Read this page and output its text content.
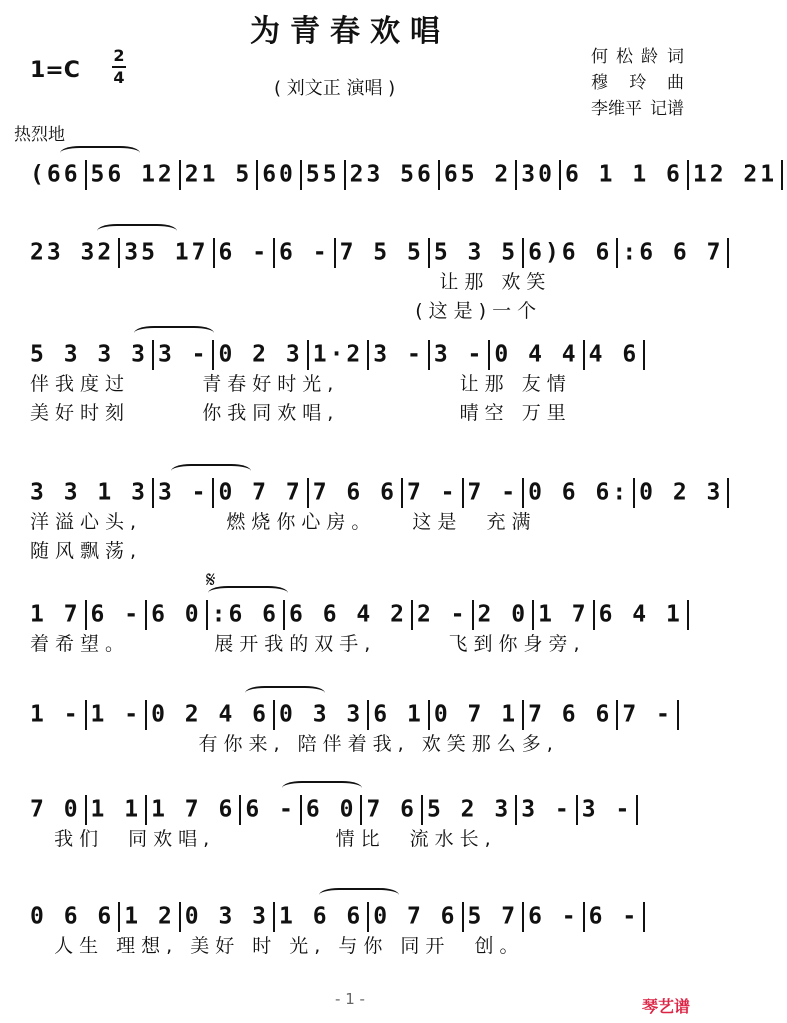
为青春欢唱
1=C
2
4
( 刘文正 演唱 )
何松龄 词
穆 玲 曲
李维平 记谱
热烈地
𝄋
(66 56 12 21 5 60 55 23 56 65 2 30 6 1 1 6 12 21
23 32 35 17 6 - 6 - 7 5 5 5 3 5 6)6 6 :6 6 7
让那 欢笑
(这是)一个
5 3 3 3 3 - 0 2 3 1·2 3 - 3 - 0 4 4 4 6
伴我度过      青春好时光,          让那 友情
美好时刻      你我同欢唱,          晴空 万里
3 3 1 3 3 - 0 7 7 7 6 6 7 - 7 - 0 6 6: 0 2 3
洋溢心头,       燃烧你心房。   这是  充满
随风飘荡,
1 7 6 - 6 0 :6 6 6 6 4 2 2 - 2 0 1 7 6 4 1
着希望。       展开我的双手,      飞到你身旁,
1 - 1 - 0 2 4 6 0 3 3 6 1 0 7 1 7 6 6 7 -
有你来, 陪伴着我, 欢笑那么多,
7 0 1 1 1 7 6 6 - 6 0 7 6 5 2 3 3 - 3 -
我们  同欢唱,          情比  流水长,
0 6 6 1 2 0 3 3 1 6 6 0 7 6 5 7 6 - 6 -
人生 理想, 美好 时 光, 与你 同开  创。
- 1 -	琴艺谱
